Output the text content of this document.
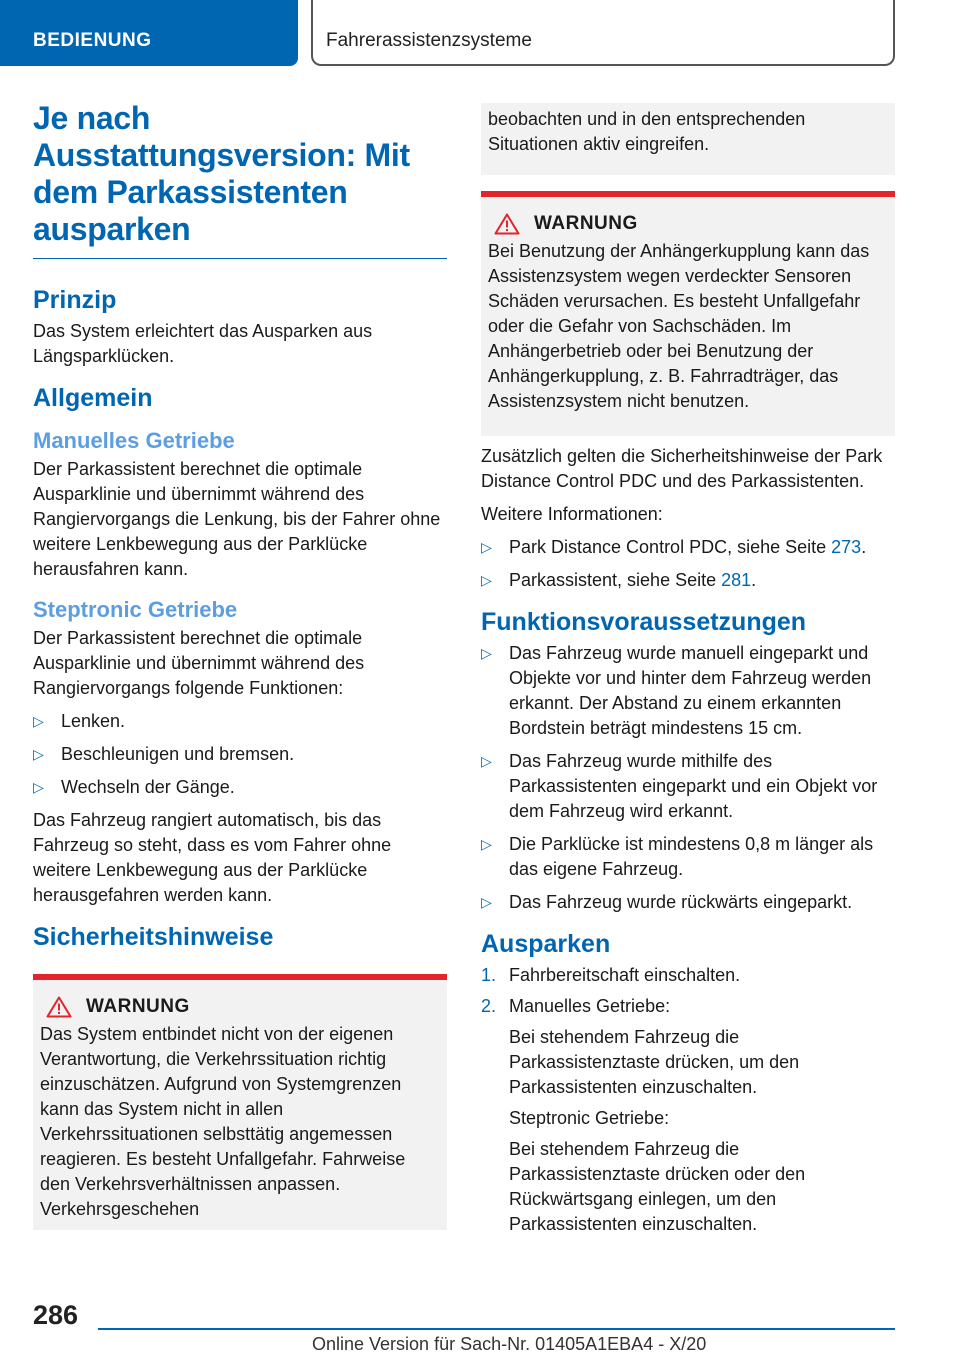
BEDIENUNG	Fahrerassistenzsysteme
Je nach Ausstattungsversion: Mit dem Parkassistenten ausparken
Prinzip

Das System erleichtert das Ausparken aus Längsparklücken.

Allgemein
Manuelles Getriebe

Der Parkassistent berechnet die optimale Ausparklinie und übernimmt während des Rangiervorgangs die Lenkung, bis der Fahrer ohne weitere Lenkbewegung aus der Parklücke herausfahren kann.

Steptronic Getriebe

Der Parkassistent berechnet die optimale Ausparklinie und übernimmt während des Rangiervorgangs folgende Funktionen:

▷ Lenken.
▷ Beschleunigen und bremsen.
▷ Wechseln der Gänge.

Das Fahrzeug rangiert automatisch, bis das Fahrzeug so steht, dass es vom Fahrer ohne weitere Lenkbewegung aus der Parklücke herausgefahren werden kann.

Sicherheitshinweise
WARNUNG

Das System entbindet nicht von der eigenen Verantwortung, die Verkehrssituation richtig einzuschätzen. Aufgrund von Systemgrenzen kann das System nicht in allen Verkehrssituationen selbsttätig angemessen reagieren. Es besteht Unfallgefahr. Fahrweise den Verkehrsverhältnissen anpassen. Verkehrsgeschehen

beobachten und in den entsprechenden Situationen aktiv eingreifen.

WARNUNG

Bei Benutzung der Anhängerkupplung kann das Assistenzsystem wegen verdeckter Sensoren Schäden verursachen. Es besteht Unfallgefahr oder die Gefahr von Sachschäden. Im Anhängerbetrieb oder bei Benutzung der Anhängerkupplung, z. B. Fahrradträger, das Assistenzsystem nicht benutzen.

Zusätzlich gelten die Sicherheitshinweise der Park Distance Control PDC und des Parkassistenten.

Weitere Informationen:

▷ Park Distance Control PDC, siehe Seite 273.
▷ Parkassistent, siehe Seite 281.
Funktionsvoraussetzungen
▷ Das Fahrzeug wurde manuell eingeparkt und Objekte vor und hinter dem Fahrzeug werden erkannt. Der Abstand zu einem erkannten Bordstein beträgt mindestens 15 cm.
▷ Das Fahrzeug wurde mithilfe des Parkassistenten eingeparkt und ein Objekt vor dem Fahrzeug wird erkannt.
▷ Die Parklücke ist mindestens 0,8 m länger als das eigene Fahrzeug.
▷ Das Fahrzeug wurde rückwärts eingeparkt.
Ausparken
1. Fahrbereitschaft einschalten.
2. Manuelles Getriebe:

Bei stehendem Fahrzeug die Parkassistenztaste drücken, um den Parkassistenten einzuschalten.

Steptronic Getriebe:

Bei stehendem Fahrzeug die Parkassistenztaste drücken oder den Rückwärtsgang einlegen, um den Parkassistenten einzuschalten.

286
Online Version für Sach-Nr. 01405A1EBA4 - X/20
